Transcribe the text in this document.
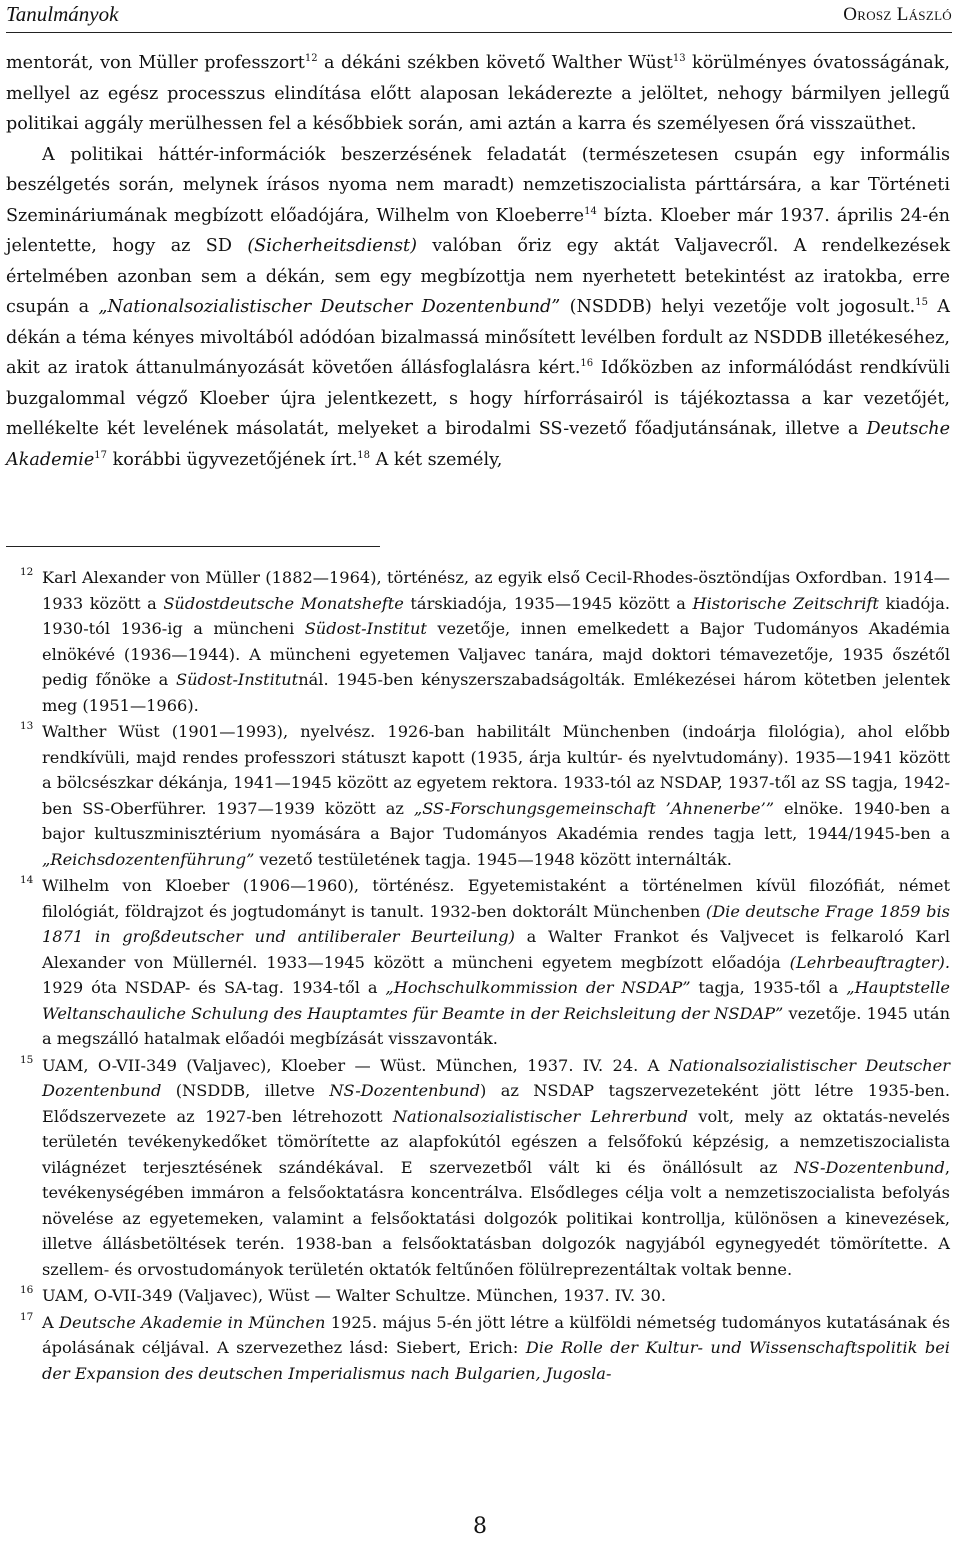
Tanulmányok	Orosz László

mentorát, von Müller professzort$^{12}$ a dékáni székben követő Walther Wüst$^{13}$ körülményes óvatosságának, mellyel az egész processzus elindítása előtt alaposan lekáderezte a jelöltet, nehogy bármilyen jellegű politikai aggály merülhessen fel a későbbiek során, ami aztán a karra és személyesen őrá visszaüthet.

A politikai háttér-információk beszerzésének feladatát (természetesen csupán egy informális beszélgetés során, melynek írásos nyoma nem maradt) nemzetiszocialista párttársára, a kar Történeti Szemináriumának megbízott előadójára, Wilhelm von Kloeberre$^{14}$ bízta. Kloeber már 1937. április 24-én jelentette, hogy az SD (Sicherheitsdienst) valóban őriz egy aktát Valjavecről. A rendelkezések értelmében azonban sem a dékán, sem egy megbízottja nem nyerhetett betekintést az iratokba, erre csupán a „Nationalsozialistischer Deutscher Dozentenbund” (NSDDB) helyi vezetője volt jogosult.$^{15}$ A dékán a téma kényes mivoltából adódóan bizalmassá minősített levélben fordult az NSDDB illetékeséhez, akit az iratok áttanulmányozását követően állásfoglalásra kért.$^{16}$ Időközben az informálódást rendkívüli buzgalommal végző Kloeber újra jelentkezett, s hogy hírforrásairól is tájékoztassa a kar vezetőjét, mellékelte két levelének másolatát, melyeket a birodalmi SS-vezető főadjutánsának, illetve a Deutsche Akademie$^{17}$ korábbi ügyvezetőjének írt.$^{18}$ A két személy,

12 Karl Alexander von Müller (1882—1964), történész, az egyik első Cecil-Rhodes-ösztöndíjas Oxfordban. 1914—1933 között a Südostdeutsche Monatshefte társkiadója, 1935—1945 között a Historische Zeitschrift kiadója. 1930-tól 1936-ig a müncheni Südost-Institut vezetője, innen emelkedett a Bajor Tudományos Akadémia elnökévé (1936—1944). A müncheni egyetemen Valjavec tanára, majd doktori témavezetője, 1935 őszétől pedig főnöke a Südost-Institutnál. 1945-ben kényszerszabadságolták. Emlékezései három kötetben jelentek meg (1951—1966).
13 Walther Wüst (1901—1993), nyelvész. 1926-ban habilitált Münchenben (indoárja filológia), ahol előbb rendkívüli, majd rendes professzori státuszt kapott (1935, árja kultúr- és nyelvtudomány). 1935—1941 között a bölcsészkar dékánja, 1941—1945 között az egyetem rektora. 1933-tól az NSDAP, 1937-től az SS tagja, 1942-ben SS-Oberführer. 1937—1939 között az „SS-Forschungsgemeinschaft ’Ahnenerbe’” elnöke. 1940-ben a bajor kultuszminisztérium nyomására a Bajor Tudományos Akadémia rendes tagja lett, 1944/1945-ben a „Reichsdozentenführung” vezető testületének tagja. 1945—1948 között internálták.
14 Wilhelm von Kloeber (1906—1960), történész. Egyetemistaként a történelmen kívül filozófiát, német filológiát, földrajzot és jogtudományt is tanult. 1932-ben doktorált Münchenben (Die deutsche Frage 1859 bis 1871 in großdeutscher und antiliberaler Beurteilung) a Walter Frankot és Valjvecet is felkaroló Karl Alexander von Müllernél. 1933—1945 között a müncheni egyetem megbízott előadója (Lehrbeauftragter). 1929 óta NSDAP- és SA-tag. 1934-től a „Hochschulkommission der NSDAP” tagja, 1935-től a „Hauptstelle Weltanschauliche Schulung des Hauptamtes für Beamte in der Reichsleitung der NSDAP” vezetője. 1945 után a megszálló hatalmak előadói megbízását visszavonták.
15 UAM, O-VII-349 (Valjavec), Kloeber — Wüst. München, 1937. IV. 24. A Nationalsozialistischer Deutscher Dozentenbund (NSDDB, illetve NS-Dozentenbund) az NSDAP tagszervezeteként jött létre 1935-ben. Elődszervezete az 1927-ben létrehozott Nationalsozialistischer Lehrerbund volt, mely az oktatás-nevelés területén tevékenykedőket tömörítette az alapfokútól egészen a felsőfokú képzésig, a nemzetiszocialista világnézet terjesztésének szándékával. E szervezetből vált ki és önállósult az NS-Dozentenbund, tevékenységében immáron a felsőoktatásra koncentrálva. Elsődleges célja volt a nemzetiszocialista befolyás növelése az egyetemeken, valamint a felsőoktatási dolgozók politikai kontrollja, különösen a kinevezések, illetve állásbetöltések terén. 1938-ban a felsőoktatásban dolgozók nagyjából egynegyedét tömörítette. A szellem- és orvostudományok területén oktatók feltűnően fölülreprezentáltak voltak benne.
16 UAM, O-VII-349 (Valjavec), Wüst — Walter Schultze. München, 1937. IV. 30.
17 A Deutsche Akademie in München 1925. május 5-én jött létre a külföldi németség tudományos kutatásának és ápolásának céljával. A szervezethez lásd: Siebert, Erich: Die Rolle der Kultur- und Wissenschaftspolitik bei der Expansion des deutschen Imperialismus nach Bulgarien, Jugosla-
8
